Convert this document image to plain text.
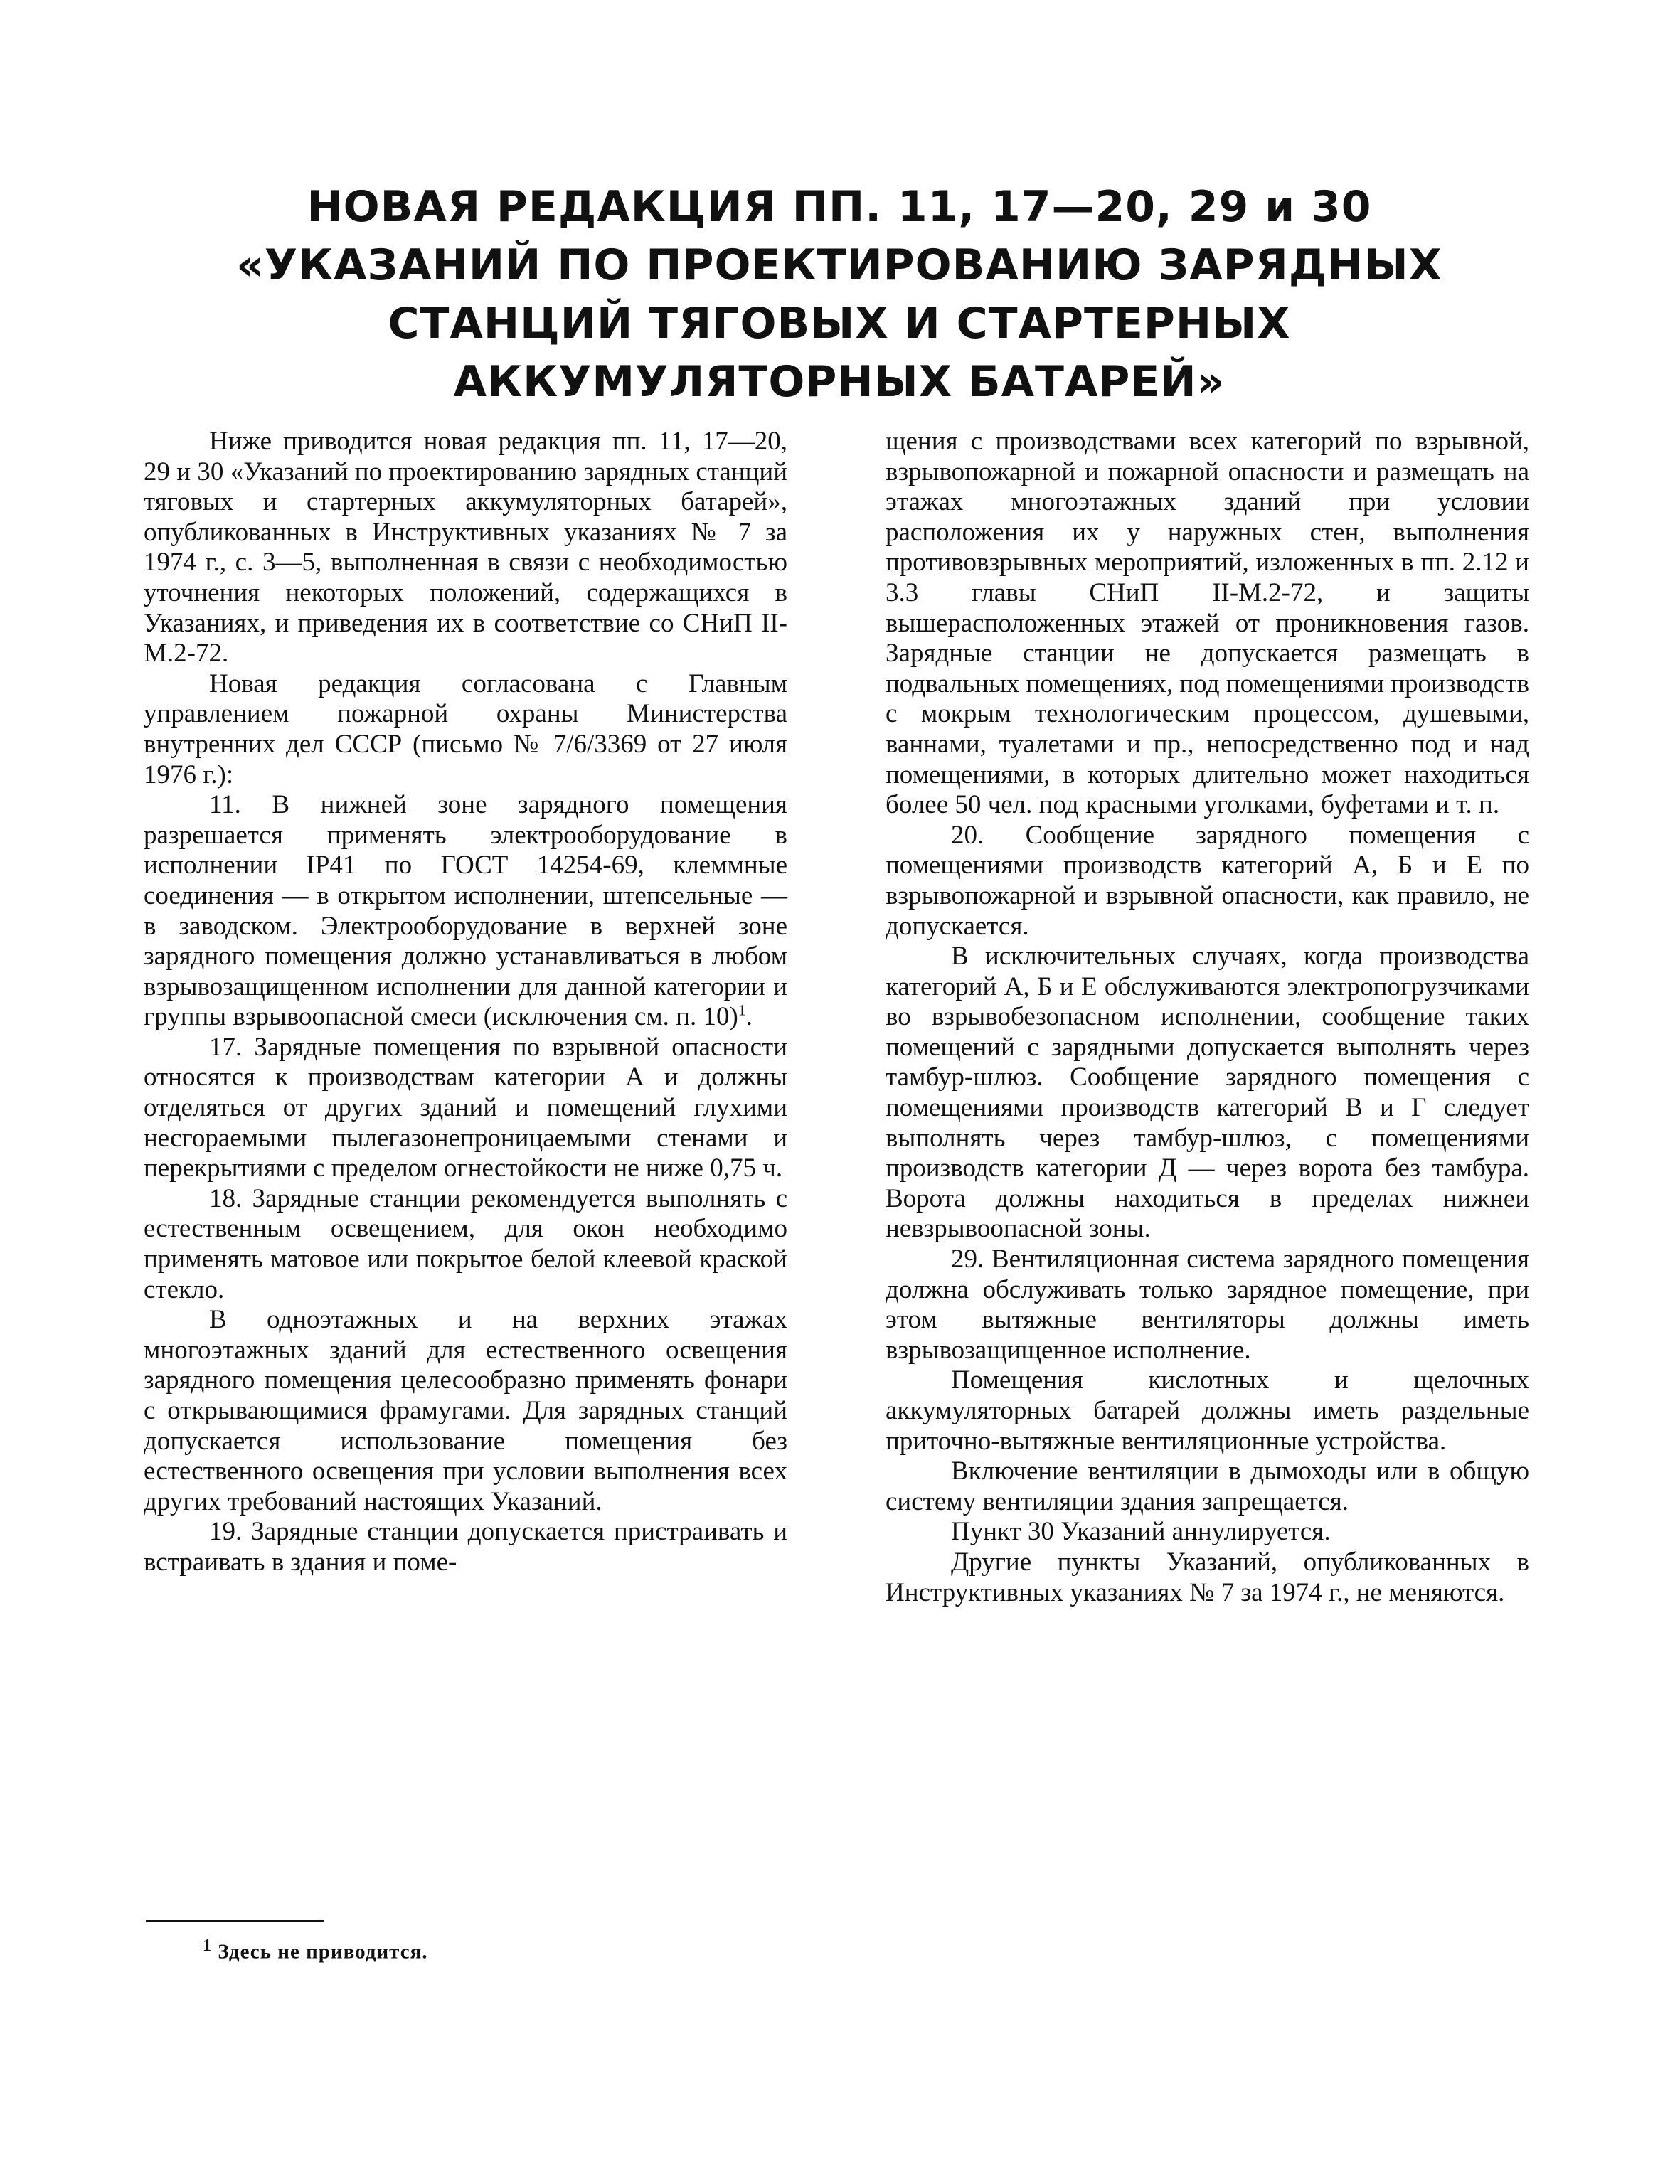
НОВАЯ РЕДАКЦИЯ ПП. 11, 17—20, 29 и 30
«УКАЗАНИЙ ПО ПРОЕКТИРОВАНИЮ ЗАРЯДНЫХ
СТАНЦИЙ ТЯГОВЫХ И СТАРТЕРНЫХ
АККУМУЛЯТОРНЫХ БАТАРЕЙ»

Ниже приводится новая редакция пп. 11, 17—20, 29 и 30 «Указаний по проектированию зарядных станций тяговых и стартерных аккумуляторных батарей», опубликованных в Инструктивных указаниях № 7 за 1974 г., с. 3—5, выполненная в связи с необходимостью уточнения некоторых положений, содержащихся в Указаниях, и приведения их в соответствие со СНиП II-М.2-72.

Новая редакция согласована с Главным управлением пожарной охраны Министерства внутренних дел СССР (письмо № 7/6/3369 от 27 июля 1976 г.):

11. В нижней зоне зарядного помещения разрешается применять электрооборудование в исполнении IP41 по ГОСТ 14254-69, клеммные соединения — в открытом исполнении, штепсельные — в заводском. Электрооборудование в верхней зоне зарядного помещения должно устанавливаться в любом взрывозащищенном исполнении для данной категории и группы взрывоопасной смеси (исключения см. п. 10)$^1$.

17. Зарядные помещения по взрывной опасности относятся к производствам категории А и должны отделяться от других зданий и помещений глухими несгораемыми пылегазонепроницаемыми стенами и перекрытиями с пределом огнестойкости не ниже 0,75 ч.

18. Зарядные станции рекомендуется выполнять с естественным освещением, для окон необходимо применять матовое или покрытое белой клеевой краской стекло.

В одноэтажных и на верхних этажах многоэтажных зданий для естественного освещения зарядного помещения целесообразно применять фонари с открывающимися фрамугами. Для зарядных станций допускается использование помещения без естественного освещения при условии выполнения всех других требований настоящих Указаний.

19. Зарядные станции допускается пристраивать и встраивать в здания и поме-

щения с производствами всех категорий по взрывной, взрывопожарной и пожарной опасности и размещать на этажах многоэтажных зданий при условии расположения их у наружных стен, выполнения противовзрывных мероприятий, изложенных в пп. 2.12 и 3.3 главы СНиП II-М.2-72, и защиты вышерасположенных этажей от проникновения газов. Зарядные станции не допускается размещать в подвальных помещениях, под помещениями производств с мокрым технологическим процессом, душевыми, ваннами, туалетами и пр., непосредственно под и над помещениями, в которых длительно может находиться более 50 чел. под красными уголками, буфетами и т. п.

20. Сообщение зарядного помещения с помещениями производств категорий А, Б и Е по взрывопожарной и взрывной опасности, как правило, не допускается.

В исключительных случаях, когда производства категорий А, Б и Е обслуживаются электропогрузчиками во взрывобезопасном исполнении, сообщение таких помещений с зарядными допускается выполнять через тамбур-шлюз. Сообщение зарядного помещения с помещениями производств категорий В и Г следует выполнять через тамбур-шлюз, с помещениями производств категории Д — через ворота без тамбура. Ворота должны находиться в пределах нижнеи невзрывоопасной зоны.

29. Вентиляционная система зарядного помещения должна обслуживать только зарядное помещение, при этом вытяжные вентиляторы должны иметь взрывозащищенное исполнение.

Помещения кислотных и щелочных аккумуляторных батарей должны иметь раздельные приточно-вытяжные вентиляционные устройства.

Включение вентиляции в дымоходы или в общую систему вентиляции здания запрещается.

Пункт 30 Указаний аннулируется.

Другие пункты Указаний, опубликованных в Инструктивных указаниях № 7 за 1974 г., не меняются.

$^1$ Здесь не приводится.
